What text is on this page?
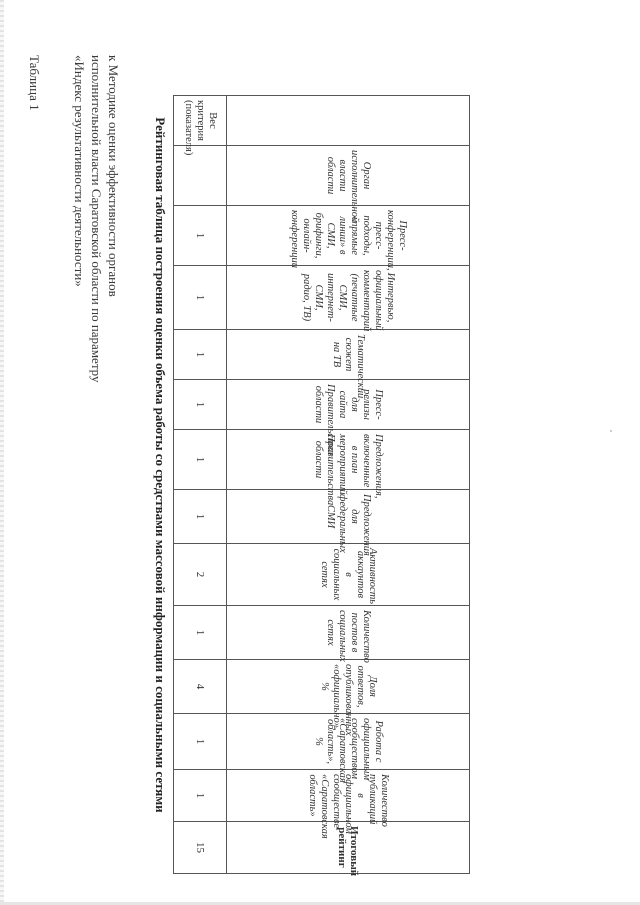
к Методике оценки эффективности органов исполнительной власти Саратовской области по параметру «Индекс результативности деятельности»
Таблица 1
Рейтинговая таблица построения оценки объема работы со средствами массовой информации и социальными сетями
		Орган исполнительной власти области	Пресс-конференции, пресс-подходы, «прямые линии» в СМИ, брифинги, онлайн-конференции	Интервью, официальный комментарий (печатные СМИ, интернет-СМИ, радио, ТВ)	Тематический сюжет на ТВ	Пресс-релизы для сайта Правительства области	Предложения, включенные в план мероприятий Правительства области	Предложения для федеральных СМИ	Активность аккаунтов в социальных сетях	Количество постов в социальных сетях	Доля ответов, опубликованных «официально», %	Работа с официальным сообществом «Саратовская область», %	Количество публикаций в официальном сообществе «Саратовская область»	Итоговый рейтинг
Вес критерия (показателя)		1	1	1	1	1	1	2	1	4	1	1	15
